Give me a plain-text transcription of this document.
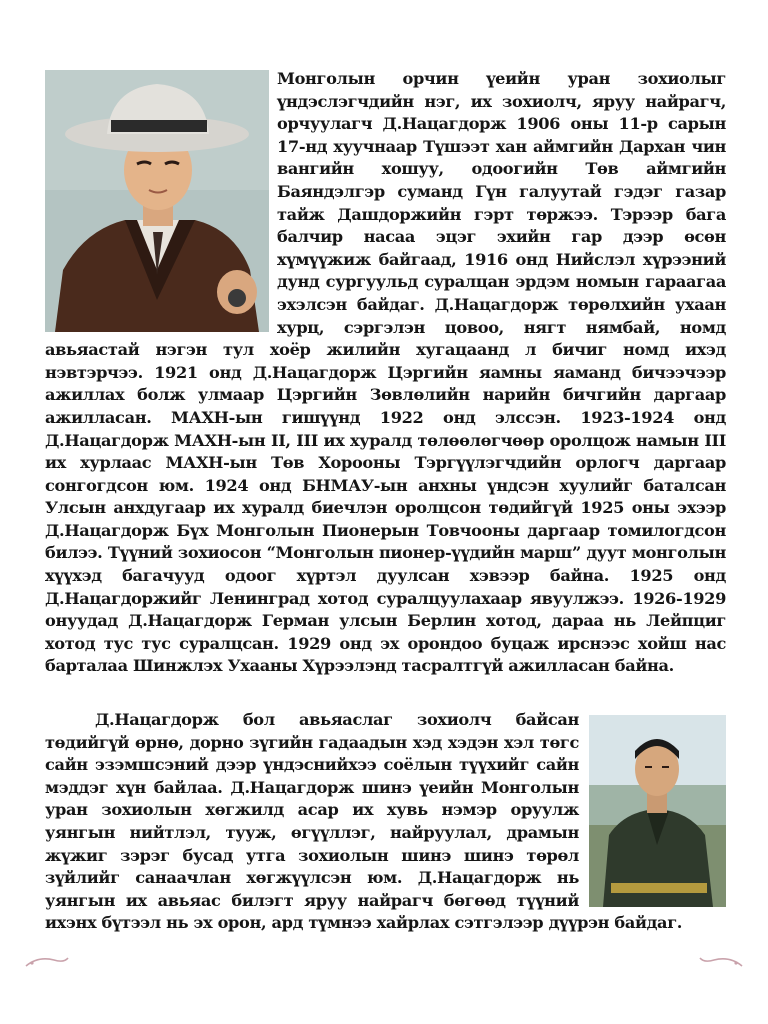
Монголын орчин үеийн уран зохиолыг үндэслэгчдийн нэг, их зохиолч, яруу найрагч, орчуулагч Д.Нацагдорж 1906 оны 11-р сарын 17-нд хуучнаар Түшээт хан аймгийн Дархан чин вангийн хошуу, одоогийн Төв аймгийн Баяндэлгэр суманд Гүн галуутай гэдэг газар тайж Дашдоржийн гэрт төржээ. Тэрээр бага балчир насаа эцэг эхийн гар дээр өсөн хүмүүжиж байгаад, 1916 онд Нийслэл хүрээний дунд сургуульд суралцан эрдэм номын гараагаа эхэлсэн байдаг. Д.Нацагдорж төрөлхийн ухаан хурц, сэргэлэн цовоо, нягт нямбай, номд авьяастай нэгэн тул хоёр жилийн хугацаанд л бичиг номд ихэд нэвтэрчээ. 1921 онд Д.Нацагдорж Цэргийн яамны яаманд бичээчээр ажиллах болж улмаар Цэргийн Зөвлөлийн нарийн бичгийн даргаар ажилласан. МАХН-ын гишүүнд 1922 онд элссэн. 1923-1924 онд Д.Нацагдорж МАХН-ын II, III их хуралд төлөөлөгчөөр оролцож намын III их хурлаас МАХН-ын Төв Хорооны Тэргүүлэгчдийн орлогч даргаар сонгогдсон юм. 1924 онд БНМАУ-ын анхны үндсэн хуулийг баталсан Улсын анхдугаар их хуралд биечлэн оролцсон төдийгүй 1925 оны эхээр Д.Нацагдорж Бүх Монголын Пионерын Товчооны даргаар томилогдсон билээ. Түүний зохиосон “Монголын пионер-үүдийн марш” дуут монголын хүүхэд багачууд одоог хүртэл дуулсан хэвээр байна. 1925 онд Д.Нацагдоржийг Ленинград хотод суралцуулахаар явуулжээ. 1926-1929 онуудад Д.Нацагдорж Герман улсын Берлин хотод, дараа нь Лейпциг хотод тус тус суралцсан. 1929 онд эх орондоо буцаж ирснээс хойш нас барталаа Шинжлэх Ухааны Хүрээлэнд тасралтгүй ажилласан байна.
Д.Нацагдорж бол авьяаслаг зохиолч байсан төдийгүй өрнө, дорно зүгийн гадаадын хэд хэдэн хэл төгс сайн эзэмшсэний дээр үндэснийхээ соёлын түүхийг сайн мэддэг хүн байлаа. Д.Нацагдорж шинэ үеийн Монголын уран зохиолын хөгжилд асар их хувь нэмэр оруулж уянгын нийтлэл, тууж, өгүүллэг, найруулал, драмын жүжиг зэрэг бусад утга зохиолын шинэ шинэ төрөл зүйлийг санаачлан хөгжүүлсэн юм. Д.Нацагдорж нь уянгын их авьяас билэгт яруу найрагч бөгөөд түүний ихэнх бүтээл нь эх орон, ард түмнээ хайрлах сэтгэлээр дүүрэн байдаг.
